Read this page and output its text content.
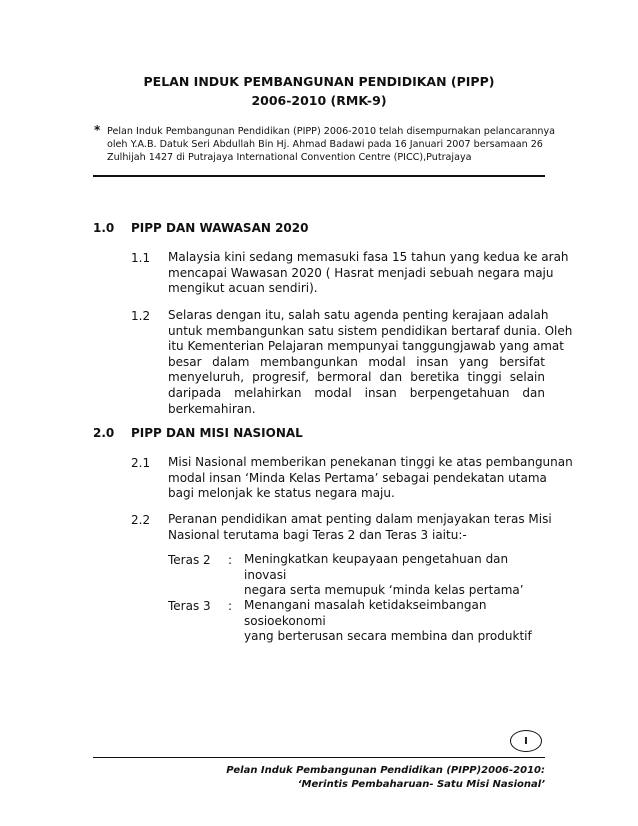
PELAN INDUK PEMBANGUNAN PENDIDIKAN (PIPP)
2006-2010 (RMK-9)
* Pelan Induk Pembangunan Pendidikan (PIPP) 2006-2010 telah disempurnakan pelancarannya
oleh Y.A.B. Datuk Seri Abdullah Bin Hj. Ahmad Badawi pada 16 Januari 2007 bersamaan 26
Zulhijah 1427 di Putrajaya International Convention Centre (PICC),Putrajaya
1.0 PIPP DAN WAWASAN 2020
1.1 Malaysia kini sedang memasuki fasa 15 tahun yang kedua ke arah
mencapai Wawasan 2020 ( Hasrat menjadi sebuah negara maju
mengikut acuan sendiri).
1.2 Selaras dengan itu, salah satu agenda penting kerajaan adalah
untuk membangunkan satu sistem pendidikan bertaraf dunia. Oleh
itu Kementerian Pelajaran mempunyai tanggungjawab yang amat
besar dalam membangunkan modal insan yang bersifat
menyeluruh, progresif, bermoral dan beretika tinggi selain
daripada melahirkan modal insan berpengetahuan dan
berkemahiran.
2.0 PIPP DAN MISI NASIONAL
2.1 Misi Nasional memberikan penekanan tinggi ke atas pembangunan
modal insan ‘Minda Kelas Pertama’ sebagai pendekatan utama
bagi melonjak ke status negara maju.
2.2 Peranan pendidikan amat penting dalam menjayakan teras Misi
Nasional terutama bagi Teras 2 dan Teras 3 iaitu:-
Teras 2 : Meningkatkan keupayaan pengetahuan dan inovasi
negara serta memupuk ‘minda kelas pertama’
Teras 3 : Menangani masalah ketidakseimbangan sosioekonomi
yang berterusan secara membina dan produktif
I
Pelan Induk Pembangunan Pendidikan (PIPP)2006-2010:
‘Merintis Pembaharuan- Satu Misi Nasional’
